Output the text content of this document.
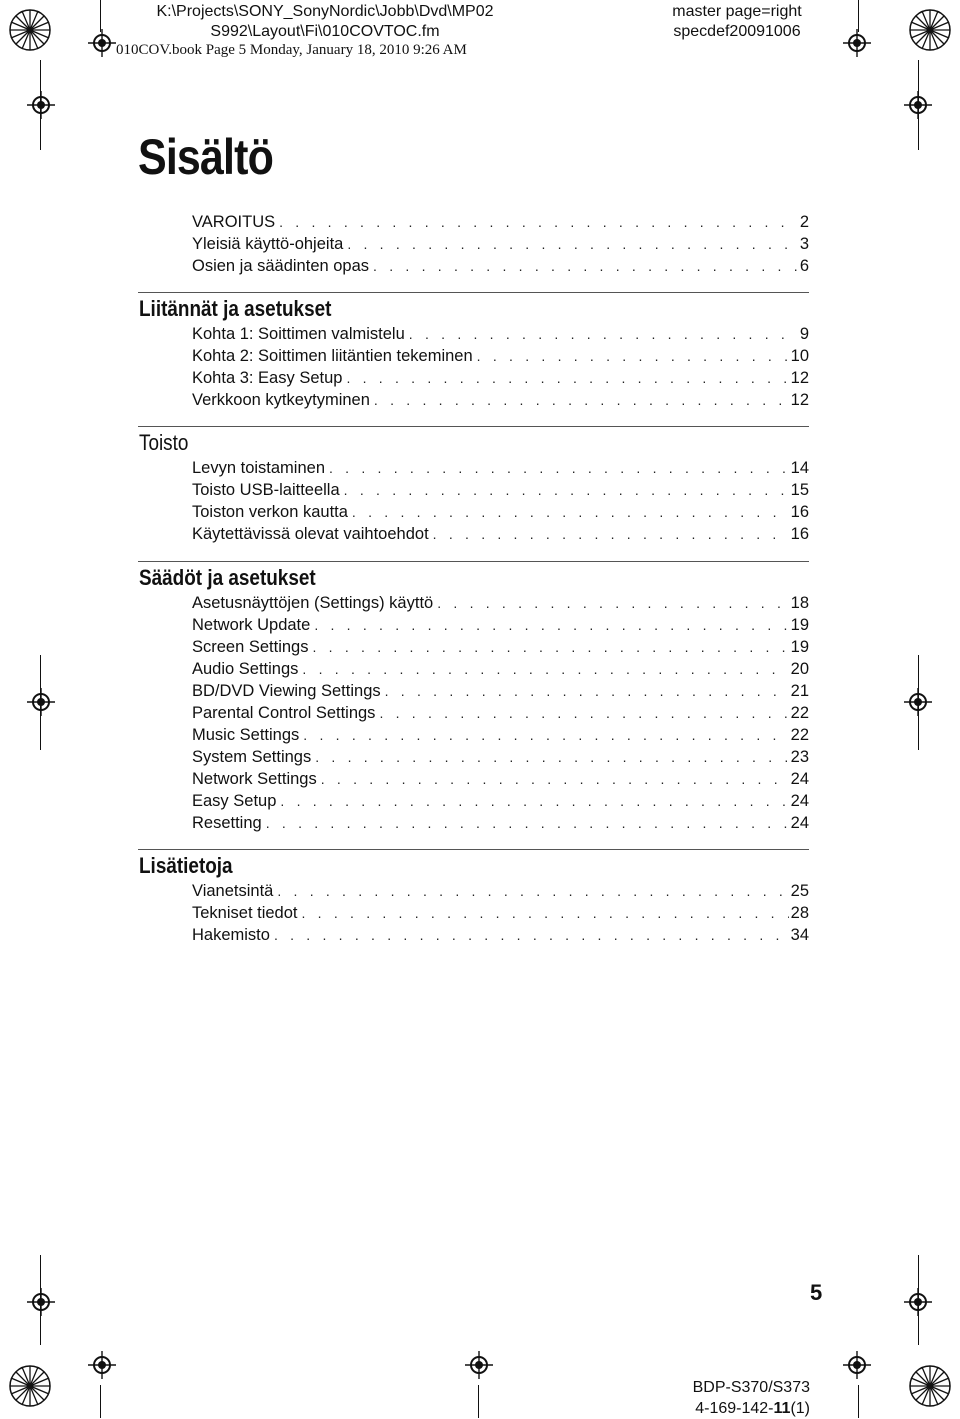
K:\Projects\SONY_SonyNordic\Jobb\Dvd\MP02
S992\Layout\Fi\010COVTOC.fm
master page=right
specdef20091006
010COV.book Page 5 Monday, January 18, 2010 9:26 AM
Sisältö
VAROITUS . . .	2
Yleisiä käyttö-ohjeita . . .	3
Osien ja säädinten opas . . .	6
Liitännät ja asetukset
Kohta 1: Soittimen valmistelu . . .	9
Kohta 2: Soittimen liitäntien tekeminen . . .	10
Kohta 3: Easy Setup . . .	12
Verkkoon kytkeytyminen . . .	12
Toisto
Levyn toistaminen . . .	14
Toisto USB-laitteella . . .	15
Toiston verkon kautta . . .	16
Käytettävissä olevat vaihtoehdot . . .	16
Säädöt ja asetukset
Asetusnäyttöjen (Settings) käyttö . . .	18
Network Update . . .	19
Screen Settings . . .	19
Audio Settings . . .	20
BD/DVD Viewing Settings . . .	21
Parental Control Settings . . .	22
Music Settings . . .	22
System Settings . . .	23
Network Settings . . .	24
Easy Setup . . .	24
Resetting . . .	24
Lisätietoja
Vianetsintä . . .	25
Tekniset tiedot . . .	28
Hakemisto . . .	34
5
BDP-S370/S373
4-169-142-11(1)
